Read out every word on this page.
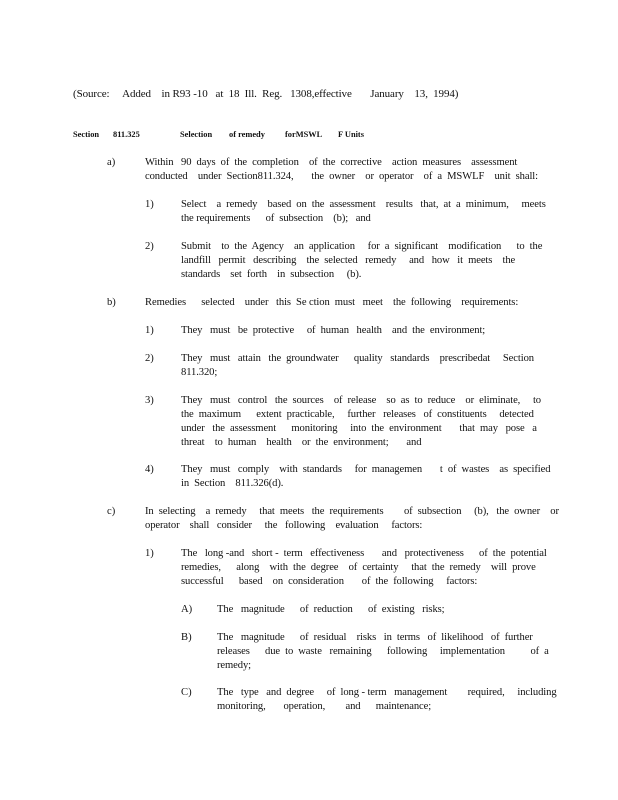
(Source:     Added    in R93 -10   at  18  Ill.  Reg.   1308,effective       January    13,  1994)
Section 811.325	Selection of remedy forMSWL F Units
a)	Within   90  days  of  the  completion    of  the  corrective    action  measures    assessment
conducted    under  Section811.324,       the  owner    or  operator    of  a  MSWLF    unit  shall:
1)	Select    a  remedy    based  on  the  assessment    results   that,  at  a  minimum,     meets
the requirements      of  subsection    (b);   and
2)	Submit    to  the  Agency    an  application     for  a  significant    modification      to  the
landfill   permit   describing    the  selected   remedy     and   how   it  meets    the
standards    set  forth    in  subsection     (b).
b)	Remedies      selected    under   this  Se ction  must   meet    the  following    requirements:
1)	They   must   be  protective     of  human   health    and  the  environment;
2)	They   must   attain   the  groundwater      quality   standards    prescribedat     Section
811.320;
3)	They   must   control   the  sources    of  release    so  as  to  reduce    or  eliminate,     to
the  maximum      extent  practicable,     further   releases   of  constituents     detected
under   the  assessment      monitoring     into  the  environment       that  may   pose   a
threat    to  human    health    or  the  environment;       and
4)	They   must   comply    with  standards     for  managemen       t  of  wastes    as  specified
in  Section    811.326(d).
c)	In  selecting    a  remedy     that  meets   the  requirements        of  subsection     (b),   the  owner    or
operator    shall   consider     the   following    evaluation     factors:
1)	The   long -and   short -  term   effectiveness       and   protectiveness      of  the  potential
remedies,      along    with  the  degree    of  certainty     that  the  remedy    will  prove
successful      based    on  consideration       of  the  following     factors:
A) The   magnitude      of  reduction      of  existing   risks;
B) The   magnitude      of  residual    risks   in  terms   of  likelihood   of  further
releases      due  to  waste   remaining      following     implementation          of  a
remedy;
C) The   type   and  degree     of  long - term   management        required,     including
monitoring,       operation,        and      maintenance;
